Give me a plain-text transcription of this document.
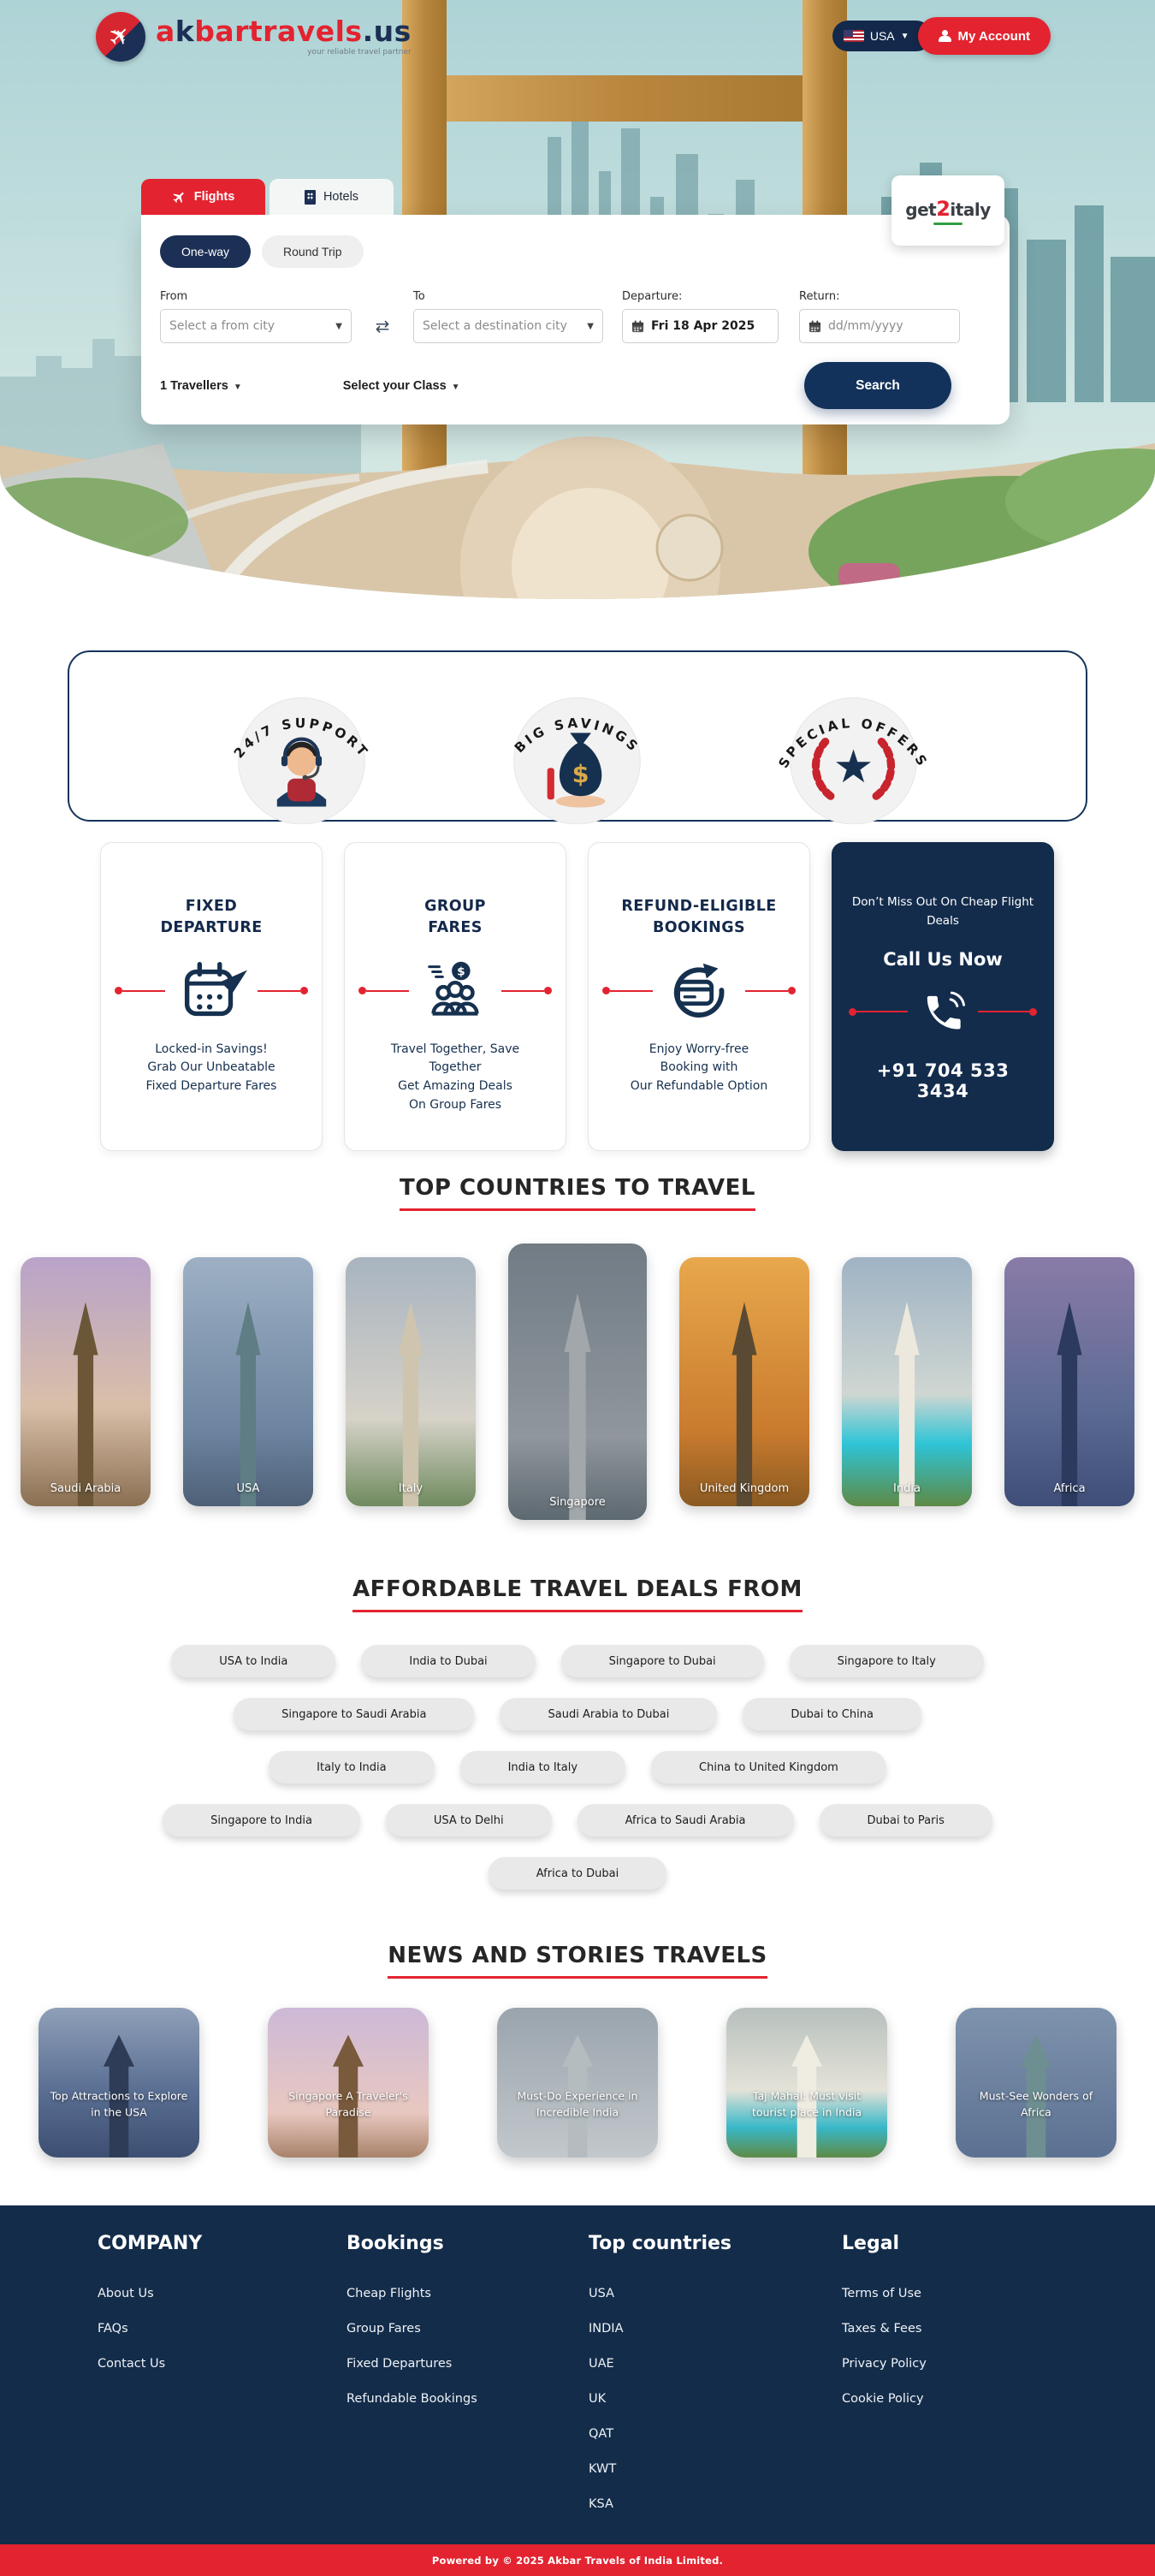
✈ akbartravels.us
your reliable travel partner
USA ▼	My Account
Flights	Hotels
get2italy
One-way	Round Trip
From
Select a from city	▼	⇄
To
Select a destination city ▼
Departure:
Fri 18 Apr 2025
Return:
dd/mm/yyyy
1 Travellers ▼	Select your Class ▼	Search
24/7 SUPPORT	BIG SAVINGS
$	SPECIAL OFFERS
★
FIXED
DEPARTURE
Locked-in Savings!
Grab Our Unbeatable
Fixed Departure Fares
GROUP
FARES
$
Travel Together, Save
Together
Get Amazing Deals
On Group Fares
REFUND-ELIGIBLE
BOOKINGS
Enjoy Worry-free
Booking with
Our Refundable Option
Don’t Miss Out On Cheap Flight Deals
Call Us Now
+91 704 533 3434
TOP COUNTRIES TO TRAVEL
Saudi Arabia	USA	Italy
Singapore
United Kingdom	India	Africa
AFFORDABLE TRAVEL DEALS FROM
USA to India	India to Dubai	Singapore to Dubai	Singapore to Italy
Singapore to Saudi Arabia	Saudi Arabia to Dubai	Dubai to China
Italy to India	India to Italy	China to United Kingdom
Singapore to India	USA to Delhi	Africa to Saudi Arabia	Dubai to Paris
Africa to Dubai
NEWS AND STORIES TRAVELS
Top Attractions to Explore in the USA
Singapore A Traveler's Paradise
Must-Do Experience in Incredible India
Taj Mahal: Must visit tourist place in India
Must-See Wonders of Africa
COMPANY
About Us
FAQs
Contact Us
Bookings
Cheap Flights
Group Fares
Fixed Departures
Refundable Bookings
Top countries
USA
INDIA
UAE
UK
QAT
KWT
KSA
Legal
Terms of Use
Taxes & Fees
Privacy Policy
Cookie Policy
Powered by © 2025 Akbar Travels of India Limited.
